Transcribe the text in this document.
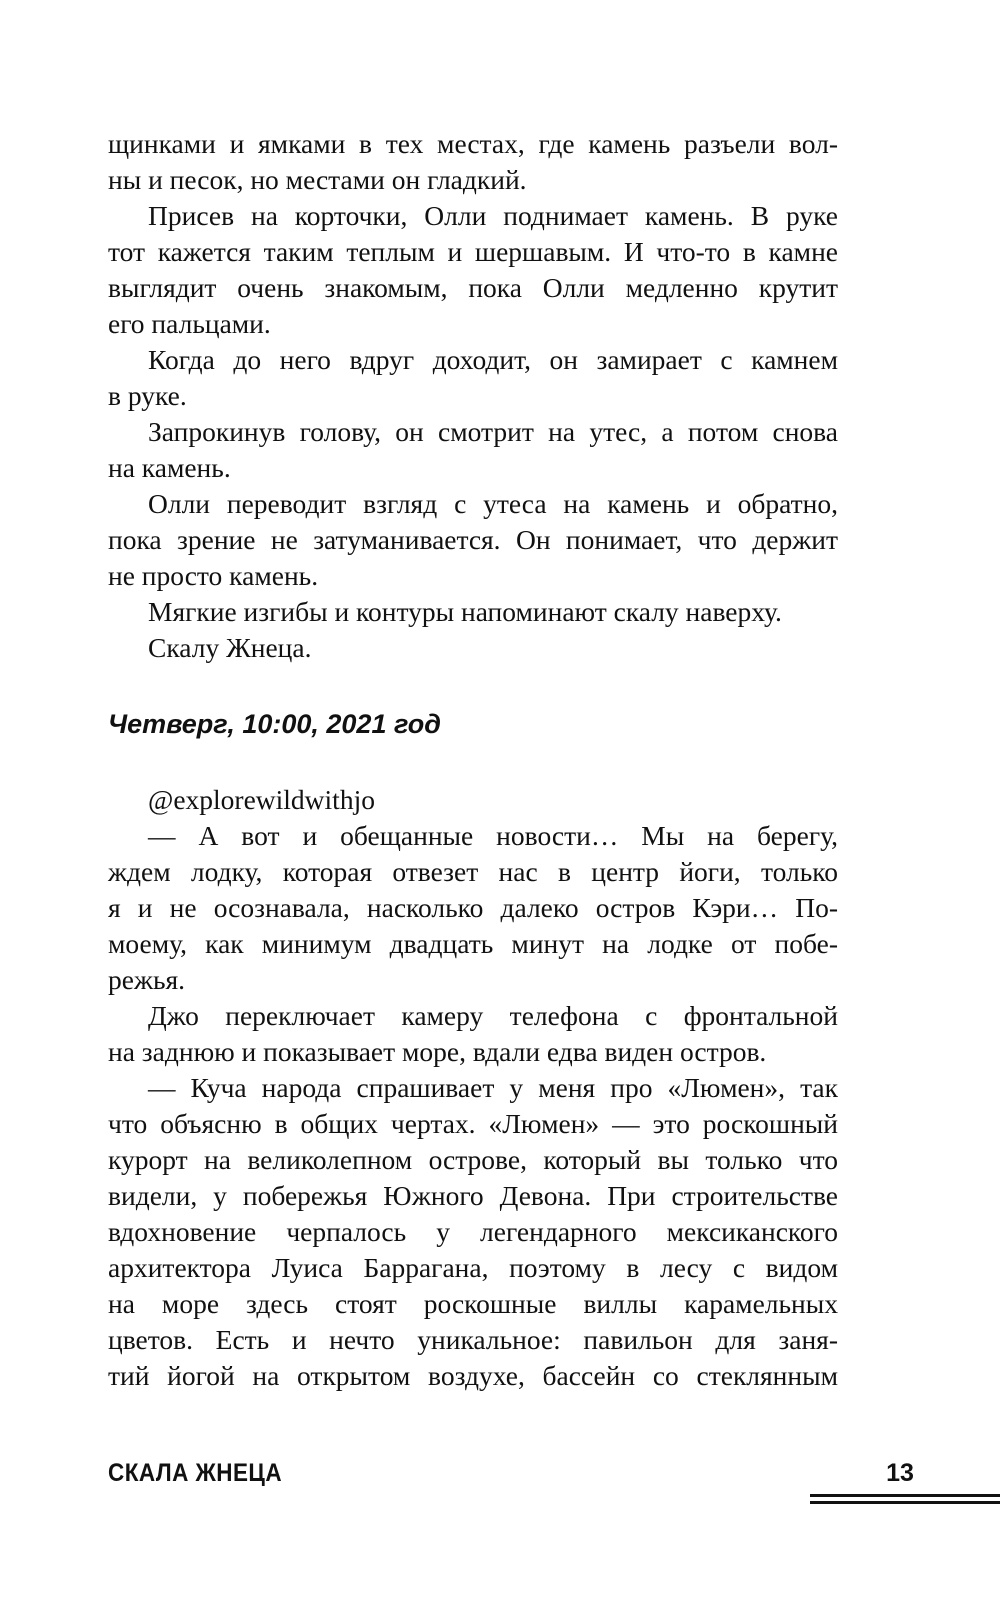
щинками и ямками в тех местах, где камень разъели вол-

ны и песок, но местами он гладкий.

Присев на корточки, Олли поднимает камень. В руке

тот кажется таким теплым и шершавым. И что-то в камне

выглядит очень знакомым, пока Олли медленно крутит

его пальцами.

Когда до него вдруг доходит, он замирает с камнем

в руке.

Запрокинув голову, он смотрит на утес, а потом снова

на камень.

Олли переводит взгляд с утеса на камень и обратно,

пока зрение не затуманивается. Он понимает, что держит

не просто камень.

Мягкие изгибы и контуры напоминают скалу наверху.

Скалу Жнеца.

Четверг, 10:00, 2021 год

@explorewildwithjo

— А вот и обещанные новости… Мы на берегу,

ждем лодку, которая отвезет нас в центр йоги, только

я и не осознавала, насколько далеко остров Кэри… По-

моему, как минимум двадцать минут на лодке от побе-

режья.

Джо переключает камеру телефона с фронтальной

на заднюю и показывает море, вдали едва виден остров.

— Куча народа спрашивает у меня про «Люмен», так

что объясню в общих чертах. «Люмен» — это роскошный

курорт на великолепном острове, который вы только что

видели, у побережья Южного Девона. При строительстве

вдохновение черпалось у легендарного мексиканского

архитектора Луиса Баррагана, поэтому в лесу с видом

на море здесь стоят роскошные виллы карамельных

цветов. Есть и нечто уникальное: павильон для заня-

тий йогой на открытом воздухе, бассейн со стеклянным

СКАЛА ЖНЕЦА	13
